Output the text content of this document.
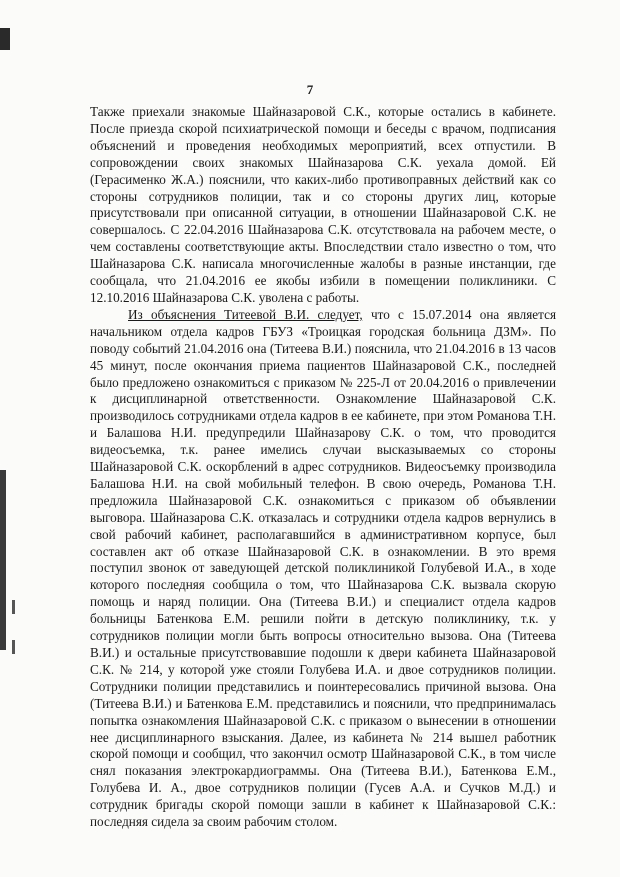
7

Также приехали знакомые Шайназаровой С.К., которые остались в кабинете. После приезда скорой психиатрической помощи и беседы с врачом, подписания объяснений и проведения необходимых мероприятий, всех отпустили. В сопровождении своих знакомых Шайназарова С.К. уехала домой. Ей (Герасименко Ж.А.) пояснили, что каких-либо противоправных действий как со стороны сотрудников полиции, так и со стороны других лиц, которые присутствовали при описанной ситуации, в отношении Шайназаровой С.К. не совершалось. С 22.04.2016 Шайназарова С.К. отсутствовала на рабочем месте, о чем составлены соответствующие акты. Впоследствии стало известно о том, что Шайназарова С.К. написала многочисленные жалобы в разные инстанции, где сообщала, что 21.04.2016 ее якобы избили в помещении поликлиники. С 12.10.2016 Шайназарова С.К. уволена с работы.

Из объяснения Титеевой В.И. следует, что с 15.07.2014 она является начальником отдела кадров ГБУЗ «Троицкая городская больница ДЗМ». По поводу событий 21.04.2016 она (Титеева В.И.) пояснила, что 21.04.2016 в 13 часов 45 минут, после окончания приема пациентов Шайназаровой С.К., последней было предложено ознакомиться с приказом № 225-Л от 20.04.2016 о привлечении к дисциплинарной ответственности. Ознакомление Шайназаровой С.К. производилось сотрудниками отдела кадров в ее кабинете, при этом Романова Т.Н. и Балашова Н.И. предупредили Шайназарову С.К. о том, что проводится видеосъемка, т.к. ранее имелись случаи высказываемых со стороны Шайназаровой С.К. оскорблений в адрес сотрудников. Видеосъемку производила Балашова Н.И. на свой мобильный телефон. В свою очередь, Романова Т.Н. предложила Шайназаровой С.К. ознакомиться с приказом об объявлении выговора. Шайназарова С.К. отказалась и сотрудники отдела кадров вернулись в свой рабочий кабинет, располагавшийся в административном корпусе, был составлен акт об отказе Шайназаровой С.К. в ознакомлении. В это время поступил звонок от заведующей детской поликлиникой Голубевой И.А., в ходе которого последняя сообщила о том, что Шайназарова С.К. вызвала скорую помощь и наряд полиции. Она (Титеева В.И.) и специалист отдела кадров больницы Батенкова Е.М. решили пойти в детскую поликлинику, т.к. у сотрудников полиции могли быть вопросы относительно вызова. Она (Титеева В.И.) и остальные присутствовавшие подошли к двери кабинета Шайназаровой С.К. № 214, у которой уже стояли Голубева И.А. и двое сотрудников полиции. Сотрудники полиции представились и поинтересовались причиной вызова. Она (Титеева В.И.) и Батенкова Е.М. представились и пояснили, что предпринималась попытка ознакомления Шайназаровой С.К. с приказом о вынесении в отношении нее дисциплинарного взыскания. Далее, из кабинета № 214 вышел работник скорой помощи и сообщил, что закончил осмотр Шайназаровой С.К., в том числе снял показания электрокардиограммы. Она (Титеева В.И.), Батенкова Е.М., Голубева И. А., двое сотрудников полиции (Гусев А.А. и Сучков М.Д.) и сотрудник бригады скорой помощи зашли в кабинет к Шайназаровой С.К.: последняя сидела за своим рабочим столом.
